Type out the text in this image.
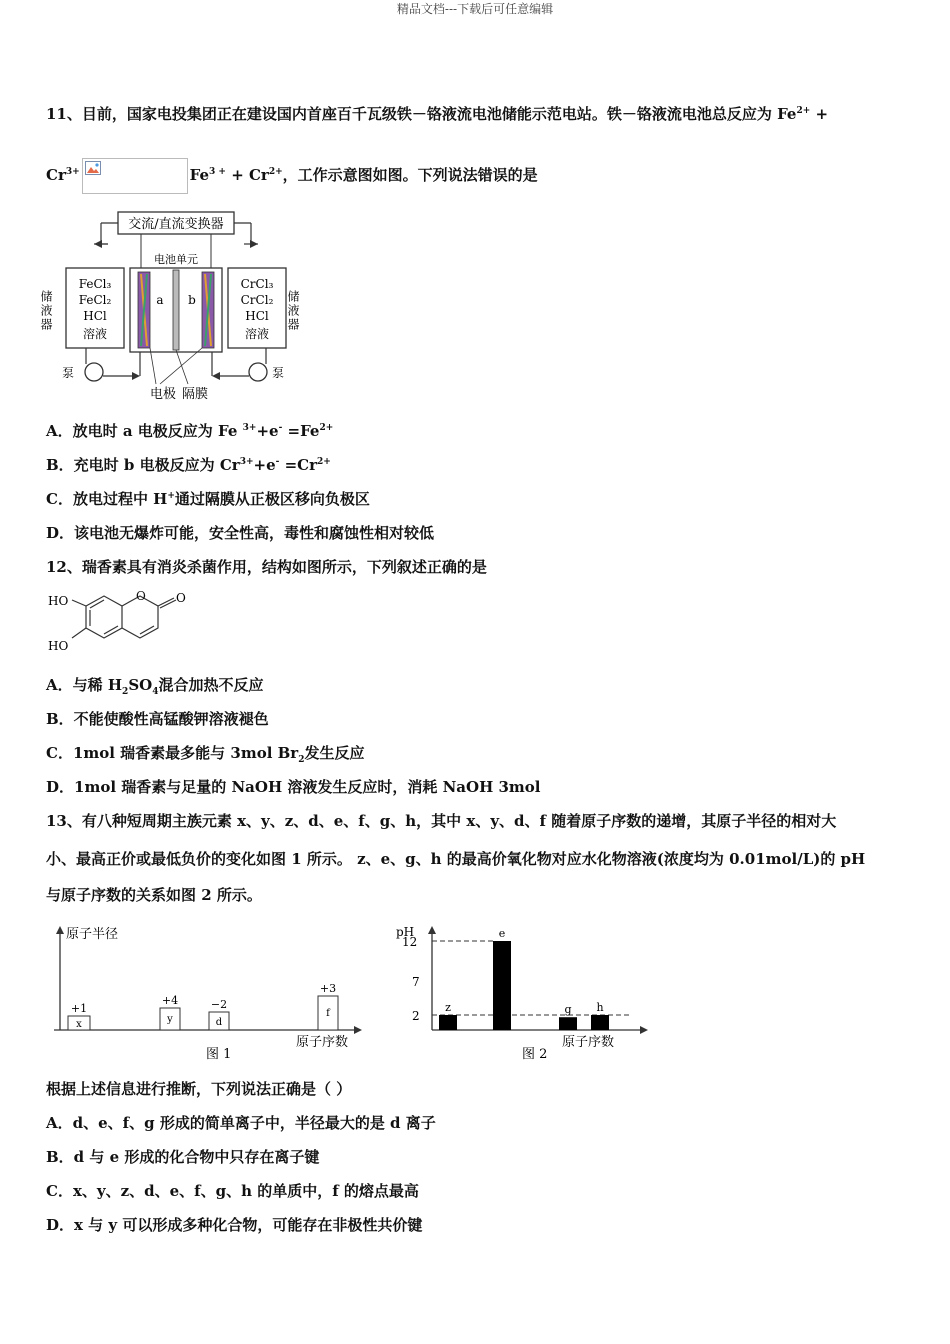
精品文档---下载后可任意编辑
11、目前，国家电投集团正在建设国内首座百千瓦级铁－铬液流电池储能示范电站。铁－铬液流电池总反应为 $Fe^{2+}$ +
$Cr^{3+}$	$Fe^{3 +} + Cr^{2+}$，工作示意图如图。下列说法错误的是
交流/直流变换器
电池单元
FeCl₃
FeCl₂
HCl
溶液
CrCl₃
CrCl₂
HCl
溶液
储液器	储液器
a b
泵	泵
电极 隔膜
A．放电时 a 电极反应为 Fe $^{3+}+e^- =Fe^{2+}$
B．充电时 b 电极反应为 $Cr^{3+}+e^- =Cr^{2+}$
C．放电过程中 H+通过隔膜从正极区移向负极区
D．该电池无爆炸可能，安全性高，毒性和腐蚀性相对较低
12、瑞香素具有消炎杀菌作用，结构如图所示，下列叙述正确的是
HO
HO
O	O
A．与稀 $H_2SO_4$混合加热不反应
B．不能使酸性高锰酸钾溶液褪色
C．1mol 瑞香素最多能与 3mol $Br_2$发生反应
D．1mol 瑞香素与足量的 NaOH 溶液发生反应时，消耗 NaOH 3mol
13、有八种短周期主族元素 x、y、z、d、e、f、g、h，其中 x、y、d、f 随着原子序数的递增，其原子半径的相对大
小、最高正价或最低负价的变化如图 1 所示。 z、e、g、h 的最高价氧化物对应水化物溶液(浓度均为 0.01mol/L)的 pH
与原子序数的关系如图 2 所示。
原子半径
原子序数
图 1
x
+1
y
+4
d
−2
f
+3
pH
12
7
2
原子序数
图 2
z
e
g h
根据上述信息进行推断，下列说法正确是（ ）
A．d、e、f、g 形成的简单离子中，半径最大的是 d 离子
B．d 与 e 形成的化合物中只存在离子键
C．x、y、z、d、e、f、g、h 的单质中，f 的熔点最高
D．x 与 y 可以形成多种化合物，可能存在非极性共价键
